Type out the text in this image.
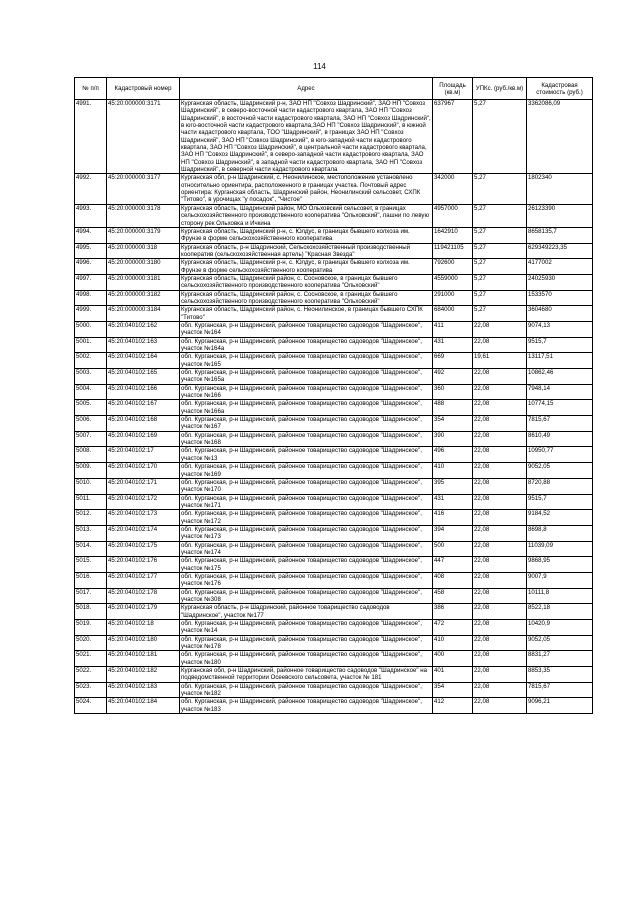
114
№ п/п	Кадастровый номер	Адрес	Площадь (кв.м)	УПКс. (руб./кв.м)	Кадастровая стоимость (руб.)
4991.	45:20:000000:3171	Курганская область, Шадринский р-н, ЗАО НП "Совхоз Шадринский", ЗАО НП "Совхоз Шадринский", в северо-восточной части кадастрового квартала, ЗАО НП "Совхоз Шадринский", в восточной части кадастрового квартала, ЗАО НП "Совхоз Шадринский", в юго-восточной части кадастрового квартала,ЗАО НП "Совхоз Шадринский", в южной части кадастрового квартала, ТОО "Шадринский", в границах ЗАО НП "Совхоз Шадринский", ЗАО НП "Совхоз Шадринский", в юго-западной части кадастрового квартала, ЗАО НП "Совхоз Шадринский", в центральной части кадастрового квартала, ЗАО НП "Совхоз Шадринский", в северо-западной части кадастрового квартала, ЗАО НП "Совхоз Шадринский", в западной части кадастрового квартала, ЗАО НП "Совхоз Шадринский", в северной части кадастрового квартала	637967	5,27	3362086,09
4992.	45:20:000000:3177	Курганская обл, р-н Шадринский, с. Неонилинское, местоположение установлено относительно ориентира, расположенного в границах участка. Почтовый адрес ориентира: Курганская область, Шадринский район, Неонилинский сельсовет, СХПК "Титово", в урочищах "у посадок", "Чистое"	342000	5,27	1802340
4993.	45:20:000000:3178	Курганская область, Шадринский район, МО Ольховский сельсовет, в границах сельскохозяйственного производственного кооператива "Ольховский", пашни по левую сторону рек Ольховка и Ичкина	4957000	5,27	26123390
4994.	45:20:000000:3179	Курганская область, Шадринский р-н, с. Юлдус, в границах бывшего колхоза им. Фрунзе в форме сельскохозяйственного кооператива	1642910	5,27	8658135,7
4995.	45:20:000000:318	Курганская область, р-н Шадринский, Сельскохозяйственный производственный кооператив (сельскохозяйственная артель) "Красная Звезда"	119421105	5,27	629349223,35
4996.	45:20:000000:3180	Курганская область, Шадринский р-н, с. Юлдус, в границах бывшего колхоза им. Фрунзе в форме сельскохозяйственного кооператива	792600	5,27	4177002
4997.	45:20:000000:3181	Курганская область, Шадринский район, с. Сосновское, в границах бывшего сельскохозяйственного производственного кооператива "Ольховский"	4559000	5,27	24025930
4998.	45:20:000000:3182	Курганская область, Шадринский район, с. Сосновское, в границах бывшего сельскохозяйственного производственного кооператива "Ольховский"	291000	5,27	1533570
4999.	45:20:000000:3184	Курганская область, Шадринский район, с. Неонилинское, в границах бывшего СХПК "Титово"	684000	5,27	3604680
5000.	45:20:040102:162	обл. Курганская, р-н Шадринский, районное товарищество садоводов "Шадринское", участок №164	411	22,08	9074,13
5001.	45:20:040102:163	обл. Курганская, р-н Шадринский, районное товарищество садоводов "Шадринское", участок №164а	431	22,08	9515,7
5002.	45:20:040102:164	обл. Курганская, р-н Шадринский, районное товарищество садоводов "Шадринское", участок №165	669	19,61	13117,51
5003.	45:20:040102:165	обл. Курганская, р-н Шадринский, районное товарищество садоводов "Шадринское", участок №165а	492	22,08	10862,46
5004.	45:20:040102:166	обл. Курганская, р-н Шадринский, районное товарищество садоводов "Шадринское", участок №166	360	22,08	7948,14
5005.	45:20:040102:167	обл. Курганская, р-н Шадринский, районное товарищество садоводов "Шадринское", участок №166а	488	22,08	10774,15
5006.	45:20:040102:168	обл. Курганская, р-н Шадринский, районное товарищество садоводов "Шадринское", участок №167	354	22,08	7815,67
5007.	45:20:040102:169	обл. Курганская, р-н Шадринский, районное товарищество садоводов "Шадринское", участок №168	390	22,08	8610,49
5008.	45:20:040102:17	обл. Курганская, р-н Шадринский, районное товарищество садоводов "Шадринское", участок №13	496	22,08	10950,77
5009.	45:20:040102:170	обл. Курганская, р-н Шадринский, районное товарищество садоводов "Шадринское", участок №169	410	22,08	9052,05
5010.	45:20:040102:171	обл. Курганская, р-н Шадринский, районное товарищество садоводов "Шадринское", участок №170	395	22,08	8720,88
5011.	45:20:040102:172	обл. Курганская, р-н Шадринский, районное товарищество садоводов "Шадринское", участок №171	431	22,08	9515,7
5012.	45:20:040102:173	обл. Курганская, р-н Шадринский, районное товарищество садоводов "Шадринское", участок №172	416	22,08	9184,52
5013.	45:20:040102:174	обл. Курганская, р-н Шадринский, районное товарищество садоводов "Шадринское", участок №173	394	22,08	8698,8
5014.	45:20:040102:175	обл. Курганская, р-н Шадринский, районное товарищество садоводов "Шадринское", участок №174	500	22,08	11039,09
5015.	45:20:040102:176	обл. Курганская, р-н Шадринский, районное товарищество садоводов "Шадринское", участок №175	447	22,08	9868,95
5016.	45:20:040102:177	обл. Курганская, р-н Шадринский, районное товарищество садоводов "Шадринское", участок №176	408	22,08	9007,9
5017.	45:20:040102:178	обл. Курганская, р-н Шадринский, районное товарищество садоводов "Шадринское", участок №308	458	22,08	10111,8
5018.	45:20:040102:179	Курганская область, р-н Шадринский, районное товарищество садоводов "Шадринское", участок №177	386	22,08	8522,18
5019.	45:20:040102:18	обл. Курганская, р-н Шадринский, районное товарищество садоводов "Шадринское", участок №14	472	22,08	10420,9
5020.	45:20:040102:180	обл. Курганская, р-н Шадринский, районное товарищество садоводов "Шадринское", участок №178	410	22,08	9052,05
5021.	45:20:040102:181	обл. Курганская, р-н Шадринский, районное товарищество садоводов "Шадринское", участок №180	400	22,08	8831,27
5022.	45:20:040102:182	Курганская обл, р-н Шадринский, районное товарищество садоводов "Шадринское" на подведомственной территории Осеевского сельсовета, участок № 181	401	22,08	8853,35
5023.	45:20:040102:183	обл. Курганская, р-н Шадринский, районное товарищество садоводов "Шадринское", участок №182	354	22,08	7815,67
5024.	45:20:040102:184	обл. Курганская, р-н Шадринский, районное товарищество садоводов "Шадринское", участок №183	412	22,08	9096,21
